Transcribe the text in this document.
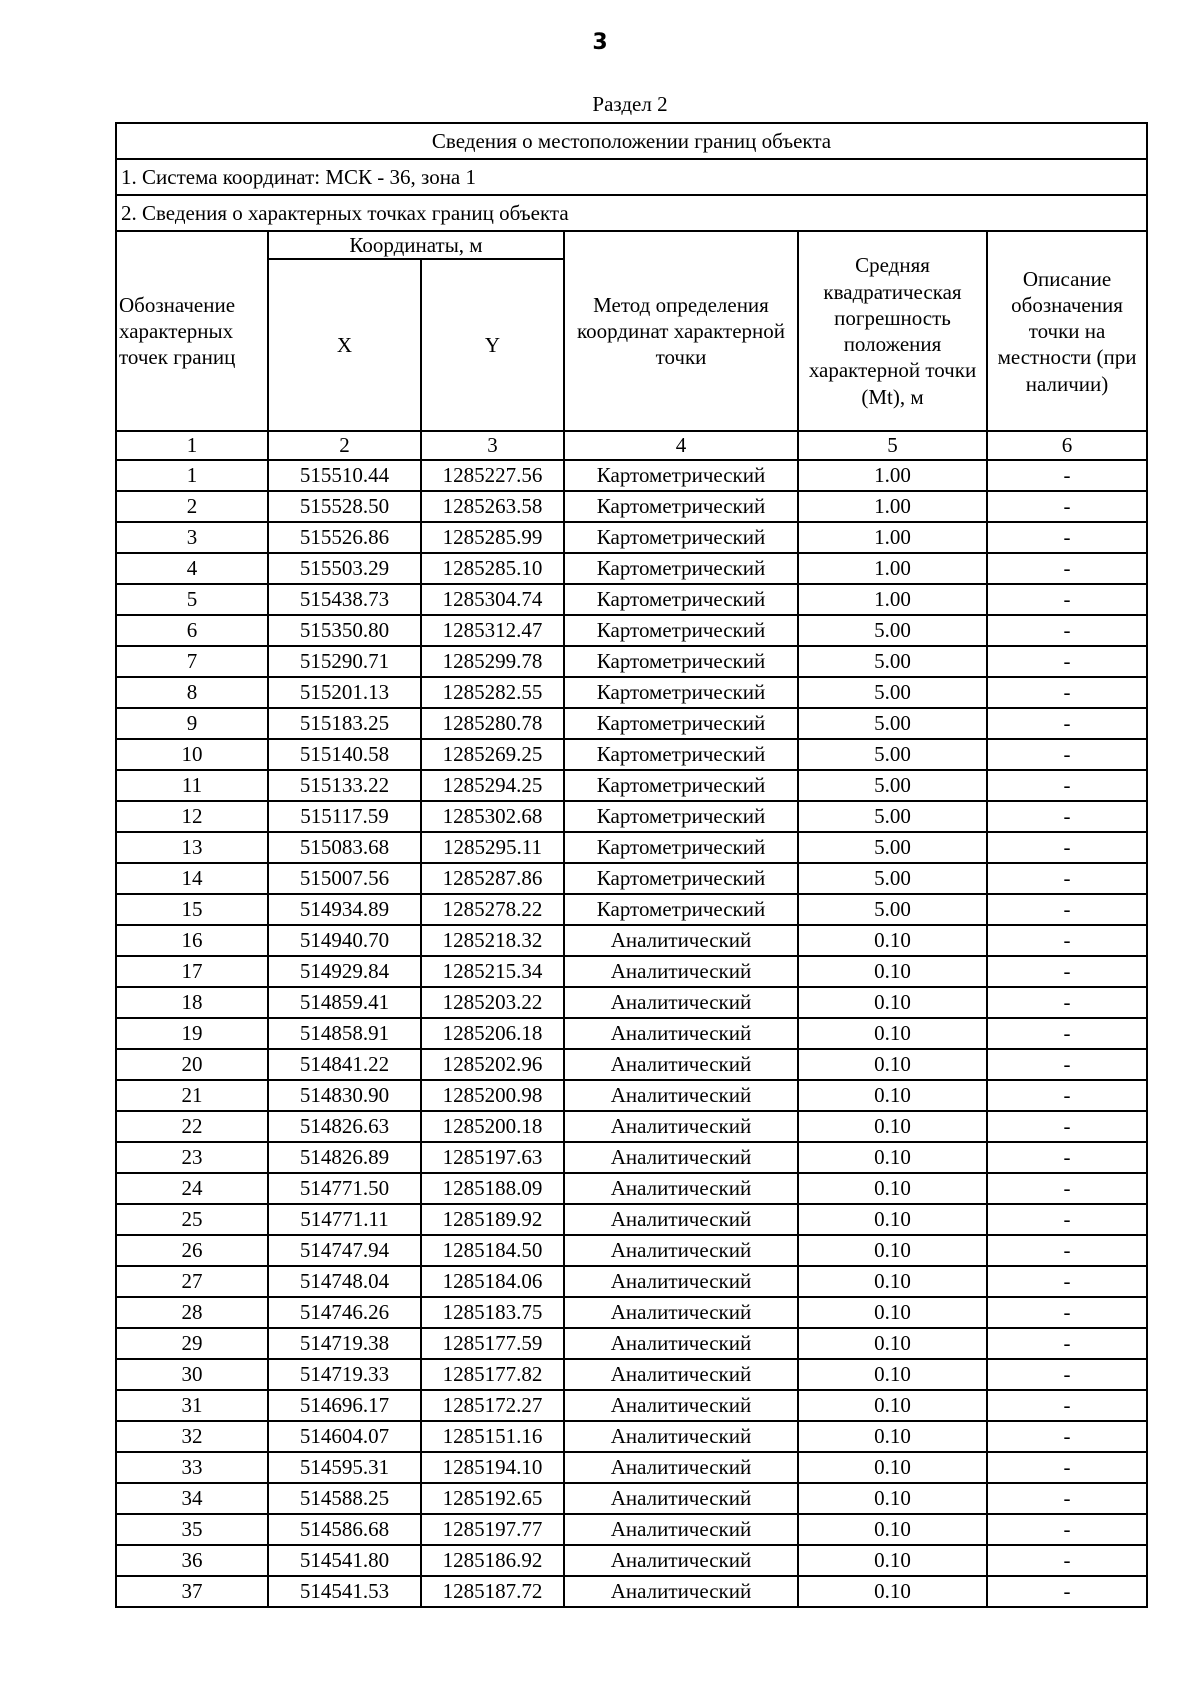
3
Раздел 2
Сведения о местоположении границ объекта					
1. Система координат: МСК - 36, зона 1					
2. Сведения о характерных точках границ объекта					
Обозначение характерных точек границ	Координаты, м		Метод определения координат характерной точки	Средняя квадратическая погрешность положения характерной точки (Mt), м	Описание обозначения точки на местности (при наличии)
	X	Y			
1	2	3	4	5	6
1	515510.44	1285227.56	Картометрический	1.00	-
2	515528.50	1285263.58	Картометрический	1.00	-
3	515526.86	1285285.99	Картометрический	1.00	-
4	515503.29	1285285.10	Картометрический	1.00	-
5	515438.73	1285304.74	Картометрический	1.00	-
6	515350.80	1285312.47	Картометрический	5.00	-
7	515290.71	1285299.78	Картометрический	5.00	-
8	515201.13	1285282.55	Картометрический	5.00	-
9	515183.25	1285280.78	Картометрический	5.00	-
10	515140.58	1285269.25	Картометрический	5.00	-
11	515133.22	1285294.25	Картометрический	5.00	-
12	515117.59	1285302.68	Картометрический	5.00	-
13	515083.68	1285295.11	Картометрический	5.00	-
14	515007.56	1285287.86	Картометрический	5.00	-
15	514934.89	1285278.22	Картометрический	5.00	-
16	514940.70	1285218.32	Аналитический	0.10	-
17	514929.84	1285215.34	Аналитический	0.10	-
18	514859.41	1285203.22	Аналитический	0.10	-
19	514858.91	1285206.18	Аналитический	0.10	-
20	514841.22	1285202.96	Аналитический	0.10	-
21	514830.90	1285200.98	Аналитический	0.10	-
22	514826.63	1285200.18	Аналитический	0.10	-
23	514826.89	1285197.63	Аналитический	0.10	-
24	514771.50	1285188.09	Аналитический	0.10	-
25	514771.11	1285189.92	Аналитический	0.10	-
26	514747.94	1285184.50	Аналитический	0.10	-
27	514748.04	1285184.06	Аналитический	0.10	-
28	514746.26	1285183.75	Аналитический	0.10	-
29	514719.38	1285177.59	Аналитический	0.10	-
30	514719.33	1285177.82	Аналитический	0.10	-
31	514696.17	1285172.27	Аналитический	0.10	-
32	514604.07	1285151.16	Аналитический	0.10	-
33	514595.31	1285194.10	Аналитический	0.10	-
34	514588.25	1285192.65	Аналитический	0.10	-
35	514586.68	1285197.77	Аналитический	0.10	-
36	514541.80	1285186.92	Аналитический	0.10	-
37	514541.53	1285187.72	Аналитический	0.10	-
